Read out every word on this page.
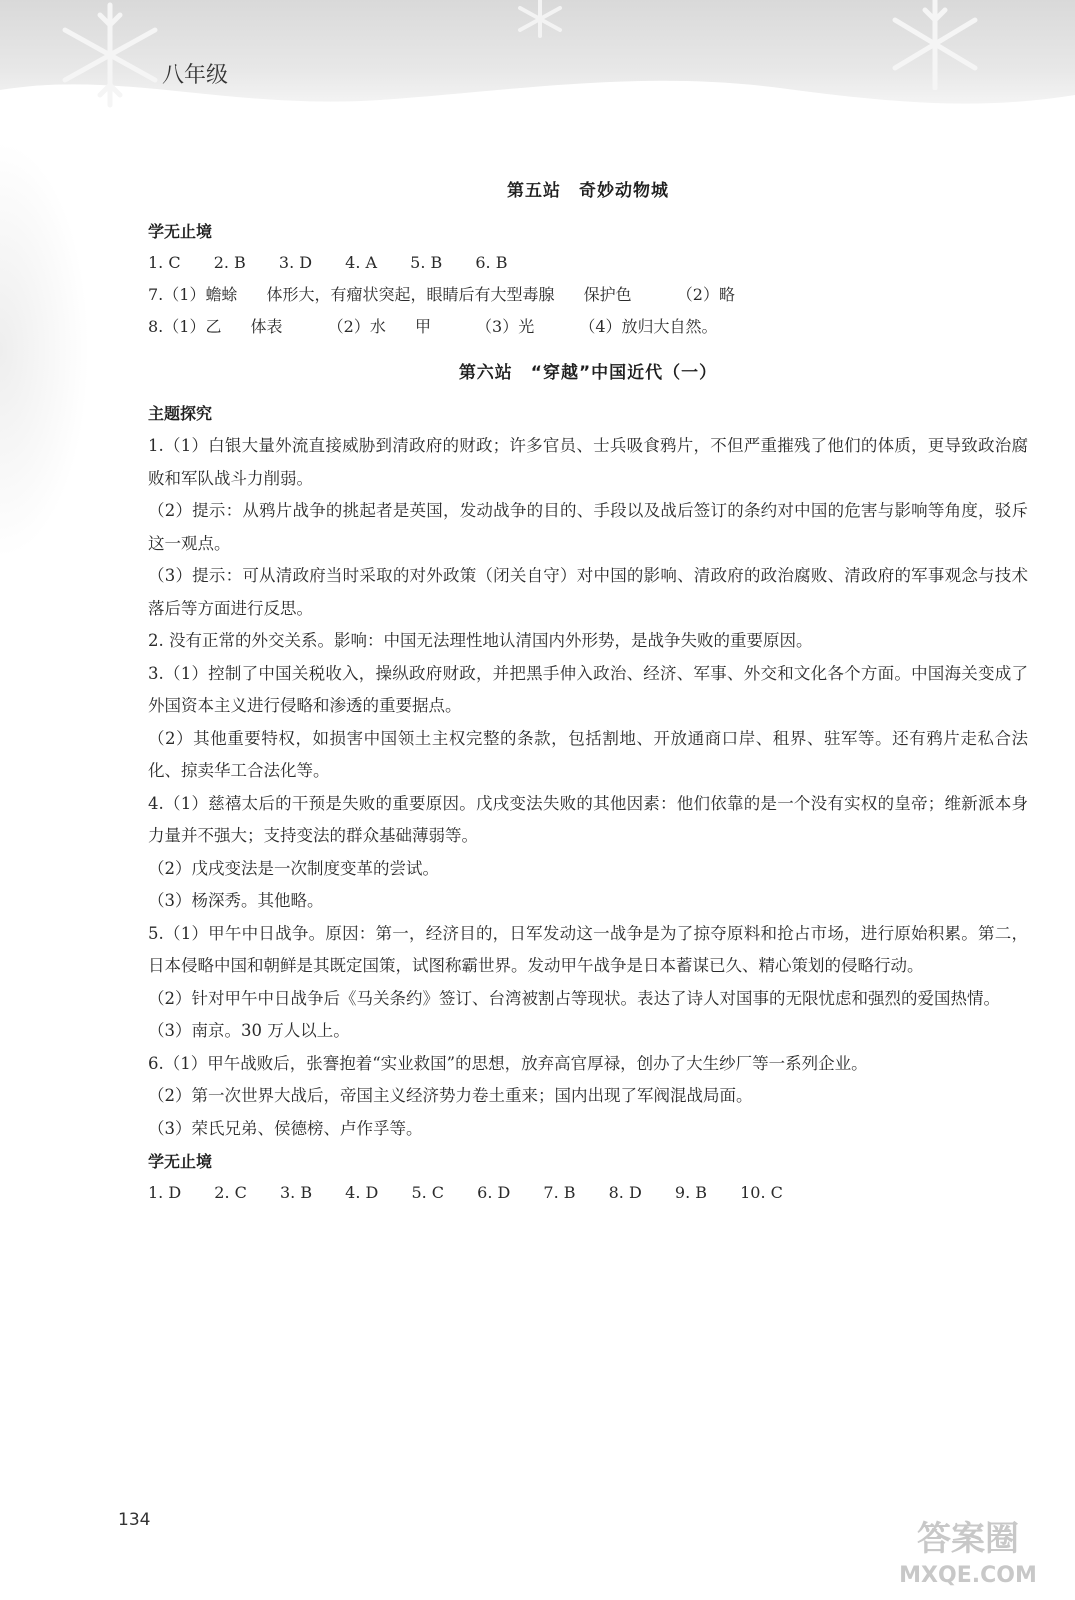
八年级
第五站　奇妙动物城
学无止境
1. C 2. B 3. D 4. A 5. B 6. B
7.（1）蟾蜍 体形大，有瘤状突起，眼睛后有大型毒腺 保护色	（2）略
8.（1）乙 体表	（2）水 甲	（3）光	（4）放归大自然。
第六站　“穿越”中国近代（一）
主题探究

1.（1）白银大量外流直接威胁到清政府的财政；许多官员、士兵吸食鸦片，不但严重摧残了他们的体质，更导致政治腐败和军队战斗力削弱。

（2）提示：从鸦片战争的挑起者是英国，发动战争的目的、手段以及战后签订的条约对中国的危害与影响等角度，驳斥这一观点。

（3）提示：可从清政府当时采取的对外政策（闭关自守）对中国的影响、清政府的政治腐败、清政府的军事观念与技术落后等方面进行反思。

2. 没有正常的外交关系。影响：中国无法理性地认清国内外形势，是战争失败的重要原因。

3.（1）控制了中国关税收入，操纵政府财政，并把黑手伸入政治、经济、军事、外交和文化各个方面。中国海关变成了外国资本主义进行侵略和渗透的重要据点。

（2）其他重要特权，如损害中国领土主权完整的条款，包括割地、开放通商口岸、租界、驻军等。还有鸦片走私合法化、掠卖华工合法化等。

4.（1）慈禧太后的干预是失败的重要原因。戊戌变法失败的其他因素：他们依靠的是一个没有实权的皇帝；维新派本身力量并不强大；支持变法的群众基础薄弱等。

（2）戊戌变法是一次制度变革的尝试。

（3）杨深秀。其他略。

5.（1）甲午中日战争。原因：第一，经济目的，日军发动这一战争是为了掠夺原料和抢占市场，进行原始积累。第二，日本侵略中国和朝鲜是其既定国策，试图称霸世界。发动甲午战争是日本蓄谋已久、精心策划的侵略行动。

（2）针对甲午中日战争后《马关条约》签订、台湾被割占等现状。表达了诗人对国事的无限忧虑和强烈的爱国热情。

（3）南京。30 万人以上。

6.（1）甲午战败后，张謇抱着“实业救国”的思想，放弃高官厚禄，创办了大生纱厂等一系列企业。

（2）第一次世界大战后，帝国主义经济势力卷土重来；国内出现了军阀混战局面。

（3）荣氏兄弟、侯德榜、卢作孚等。

学无止境
1. D 2. C 3. B 4. D 5. C 6. D 7. B 8. D 9. B 10. C
134	答案圈
MXQE.COM
